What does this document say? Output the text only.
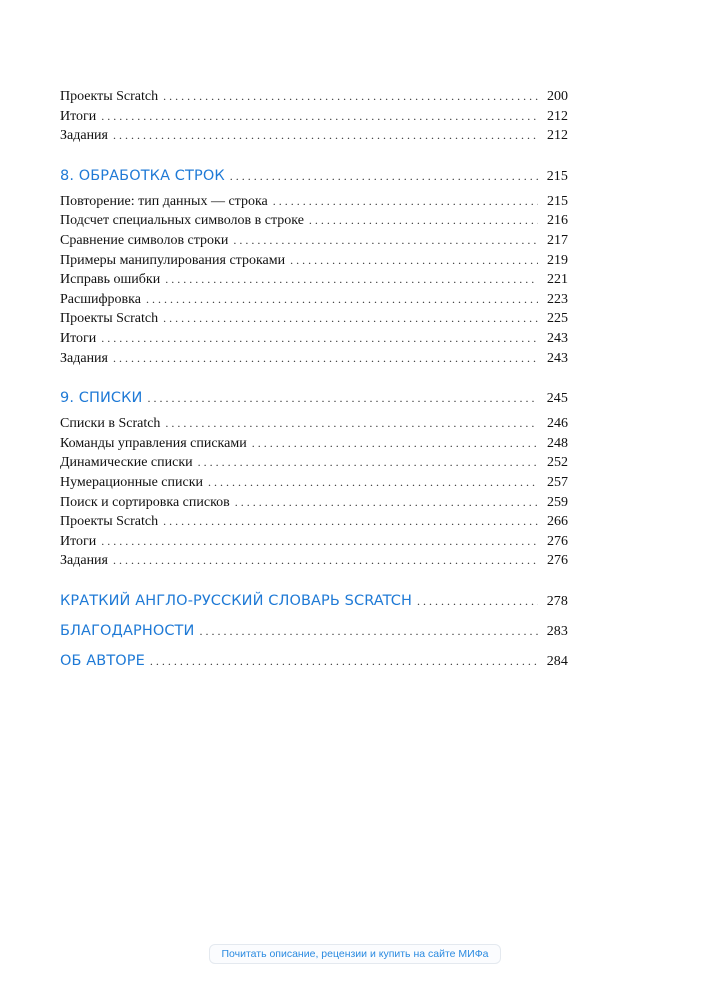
Проекты Scratch . . .	200
Итоги . . .	212
Задания . . .	212
8. ОБРАБОТКА СТРОК . . .	215
Повторение: тип данных — строка . . .	215
Подсчет специальных символов в строке . . .	216
Сравнение символов строки . . .	217
Примеры манипулирования строками . . .	219
Исправь ошибки . . .	221
Расшифровка . . .	223
Проекты Scratch . . .	225
Итоги . . .	243
Задания . . .	243
9. СПИСКИ . . .	245
Списки в Scratch . . .	246
Команды управления списками . . .	248
Динамические списки . . .	252
Нумерационные списки . . .	257
Поиск и сортировка списков . . .	259
Проекты Scratch . . .	266
Итоги . . .	276
Задания . . .	276
КРАТКИЙ АНГЛО-РУССКИЙ СЛОВАРЬ SCRATCH . . .	278
БЛАГОДАРНОСТИ . . .	283
ОБ АВТОРЕ . . .	284
Почитать описание, рецензии и купить на сайте МИФа
